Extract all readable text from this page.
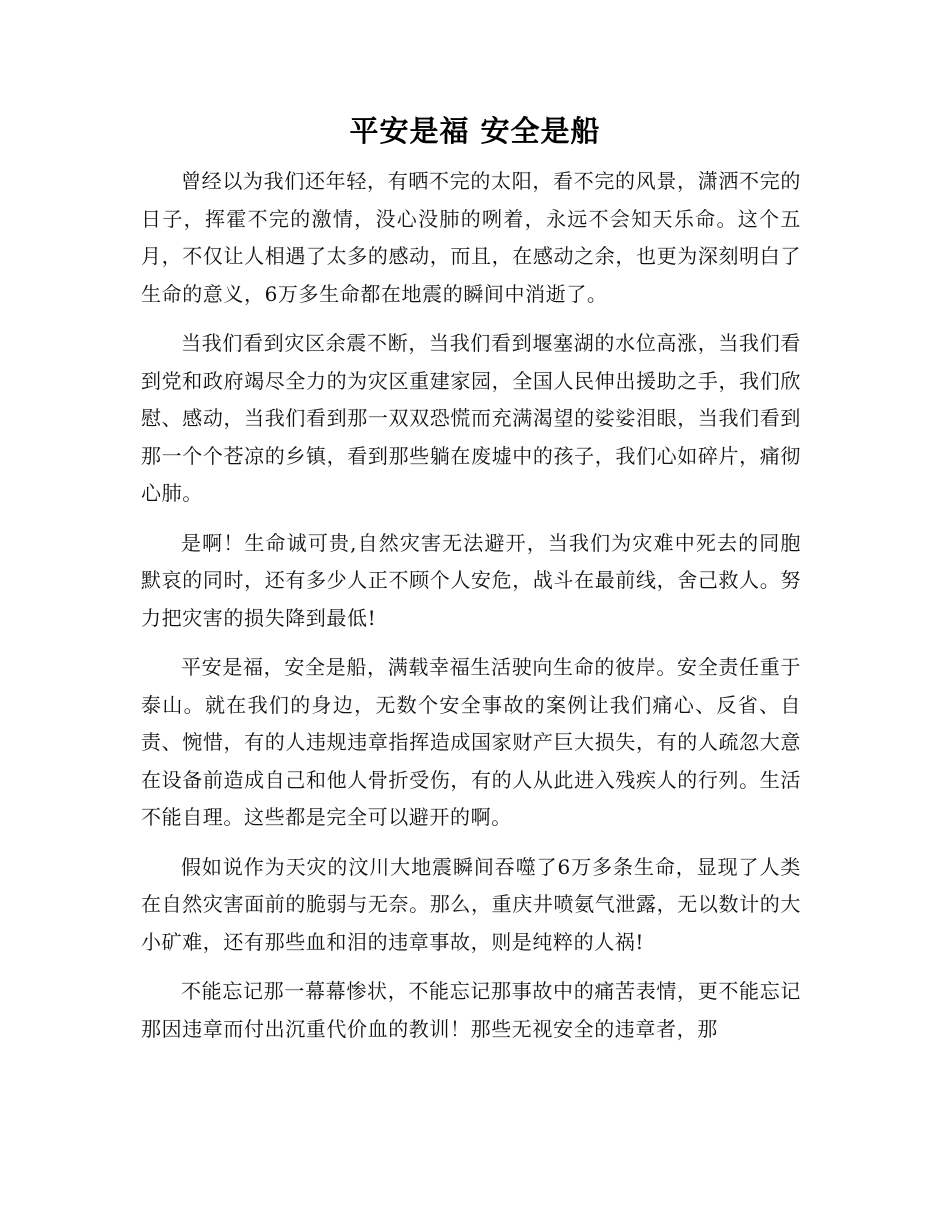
平安是福 安全是船

曾经以为我们还年轻，有晒不完的太阳，看不完的风景，潇洒不完的日子，挥霍不完的激情，没心没肺的咧着，永远不会知天乐命。这个五月，不仅让人相遇了太多的感动，而且，在感动之余，也更为深刻明白了生命的意义，6万多生命都在地震的瞬间中消逝了。

当我们看到灾区余震不断，当我们看到堰塞湖的水位高涨，当我们看到党和政府竭尽全力的为灾区重建家园，全国人民伸出援助之手，我们欣慰、感动，当我们看到那一双双恐慌而充满渴望的娑娑泪眼，当我们看到那一个个苍凉的乡镇，看到那些躺在废墟中的孩子，我们心如碎片，痛彻心肺。

是啊！生命诚可贵,自然灾害无法避开，当我们为灾难中死去的同胞默哀的同时，还有多少人正不顾个人安危，战斗在最前线，舍己救人。努力把灾害的损失降到最低!

平安是福，安全是船，满载幸福生活驶向生命的彼岸。安全责任重于泰山。就在我们的身边，无数个安全事故的案例让我们痛心、反省、自责、惋惜，有的人违规违章指挥造成国家财产巨大损失，有的人疏忽大意在设备前造成自己和他人骨折受伤，有的人从此进入残疾人的行列。生活不能自理。这些都是完全可以避开的啊。

假如说作为天灾的汶川大地震瞬间吞噬了6万多条生命，显现了人类在自然灾害面前的脆弱与无奈。那么，重庆井喷氨气泄露，无以数计的大小矿难，还有那些血和泪的违章事故，则是纯粹的人祸!

不能忘记那一幕幕惨状，不能忘记那事故中的痛苦表情，更不能忘记那因违章而付出沉重代价血的教训！那些无视安全的违章者，那
